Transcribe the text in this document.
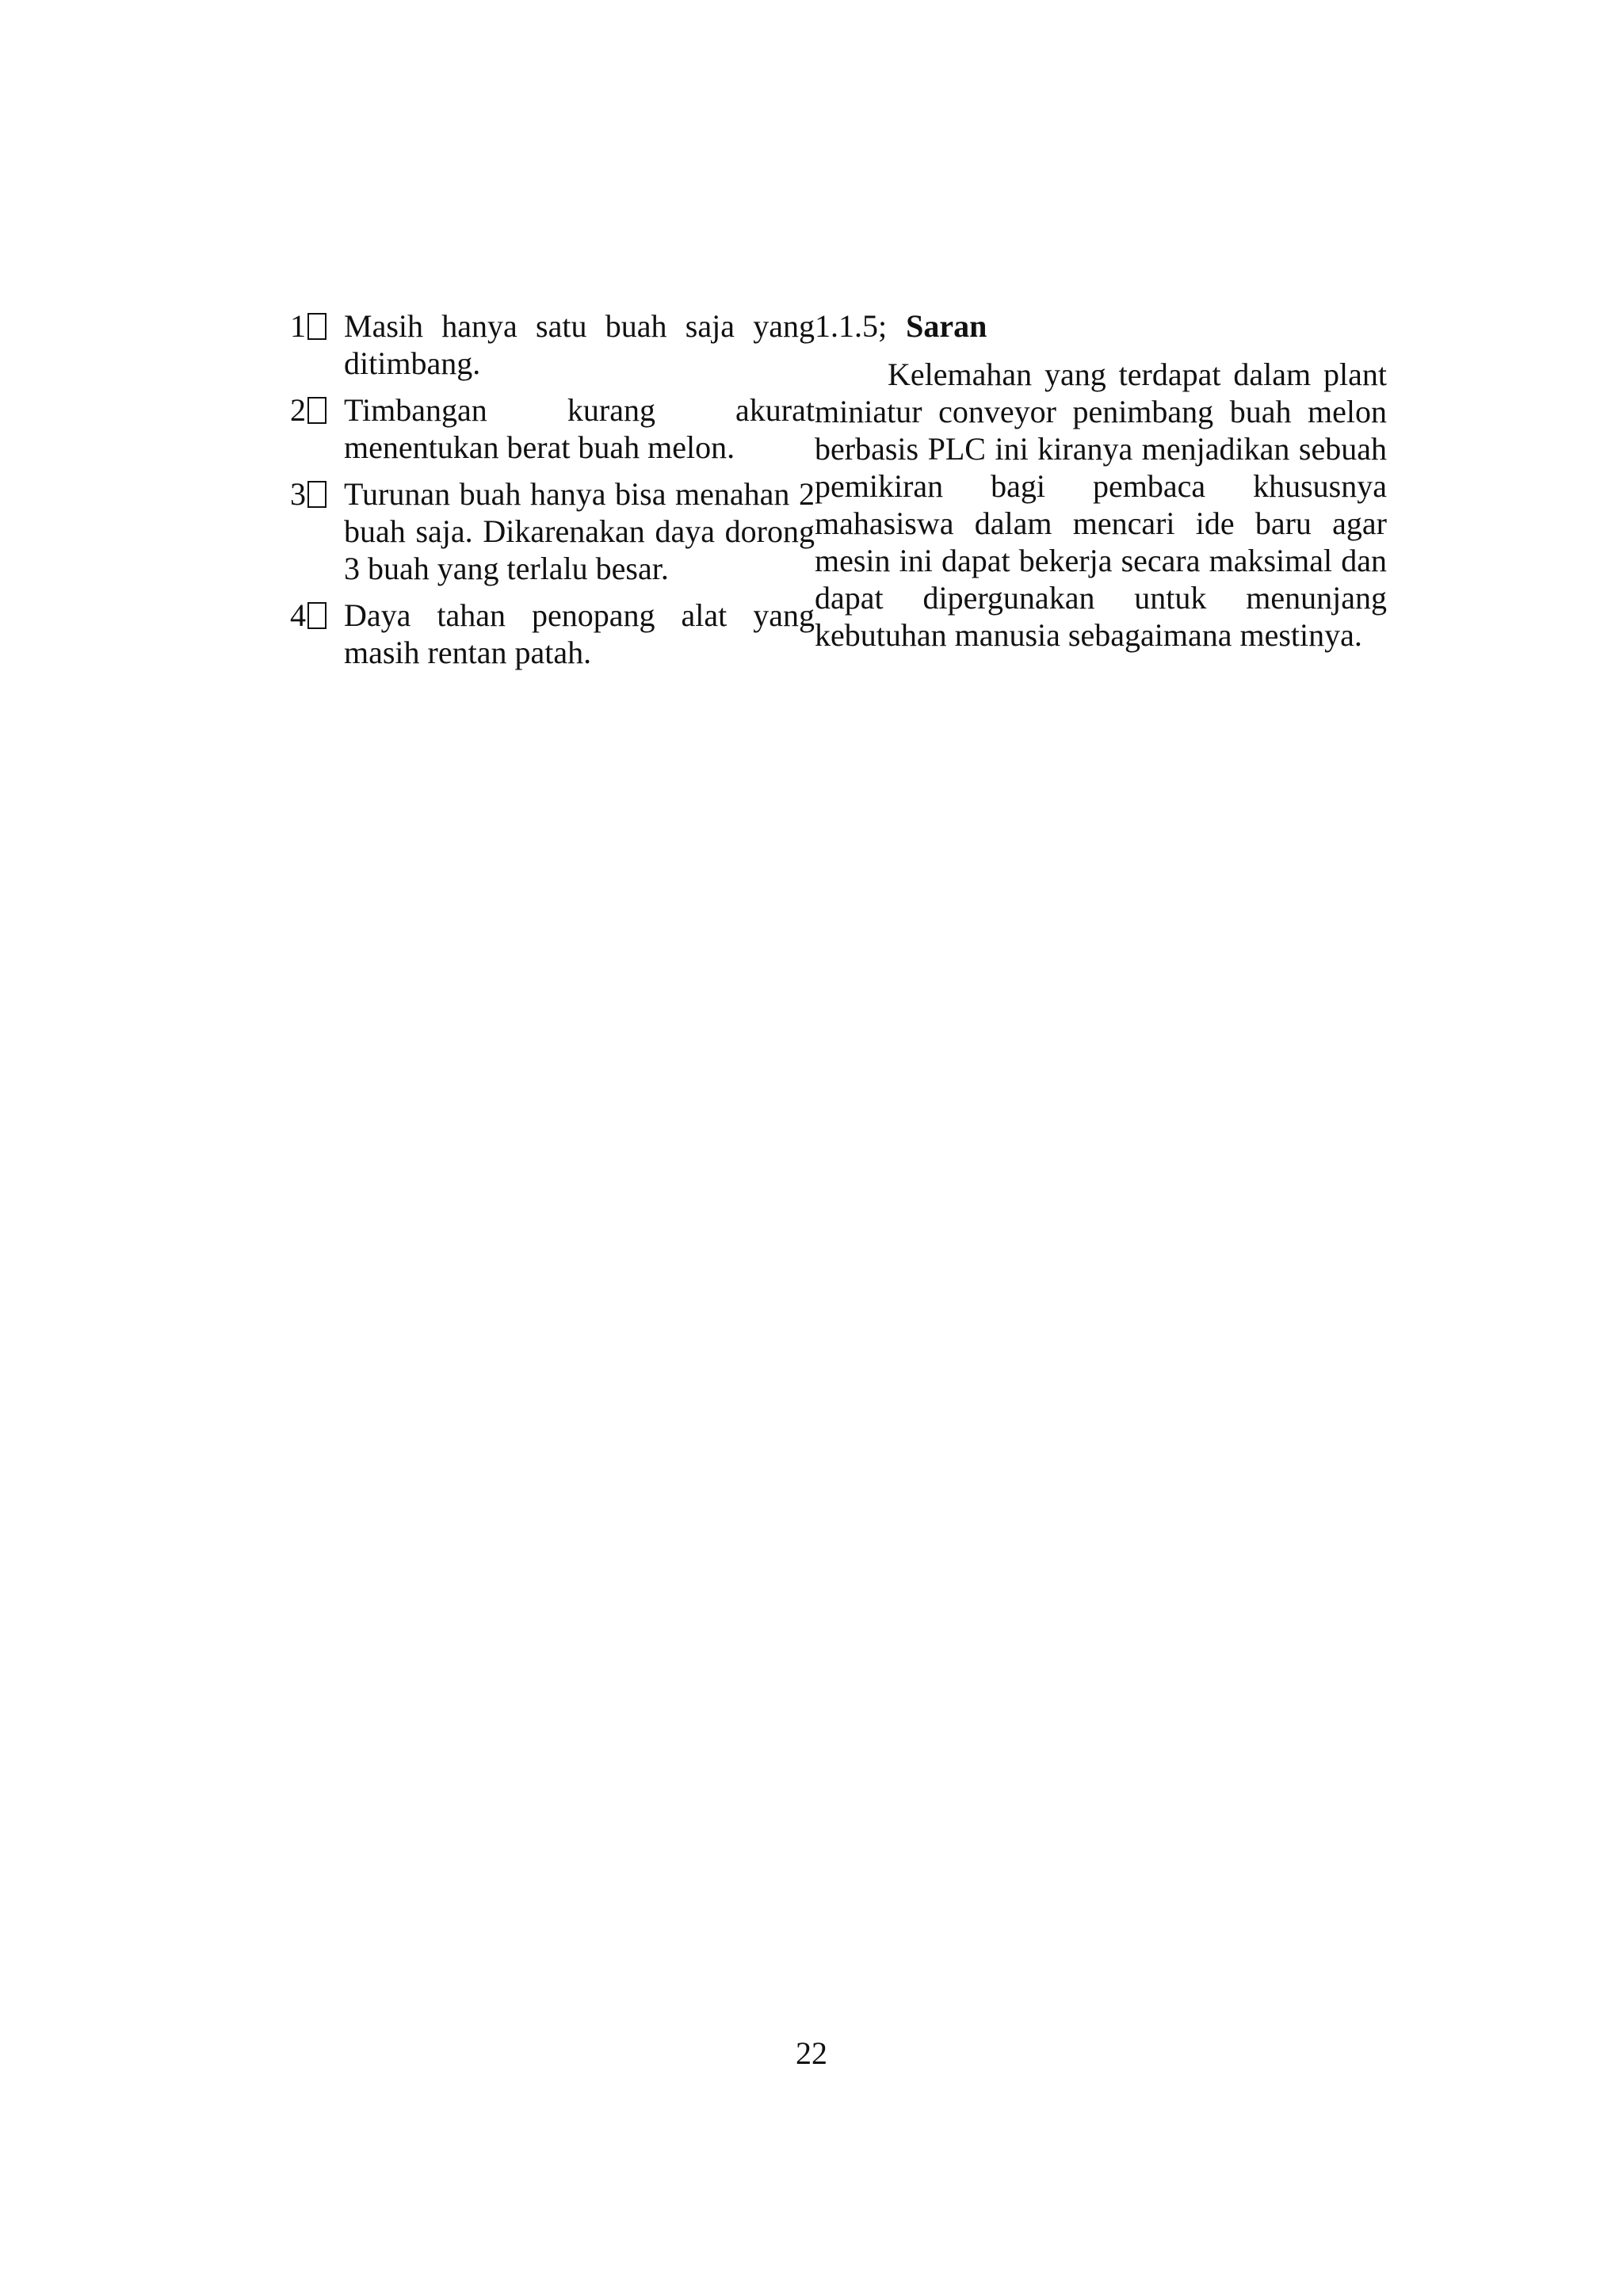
1	Masih hanya satu buah saja yang ditimbang.
2	Timbangan kurang akurat menentukan berat buah melon.
3	Turunan buah hanya bisa menahan 2 buah saja. Dikarenakan daya dorong 3 buah yang terlalu besar.
4	Daya tahan penopang alat yang masih rentan patah.
1.1.5; Saran
Kelemahan yang terdapat dalam plant miniatur conveyor penimbang buah melon berbasis PLC ini kiranya menjadikan sebuah pemikiran bagi pembaca khususnya mahasiswa dalam mencari ide baru agar mesin ini dapat bekerja secara maksimal dan dapat dipergunakan untuk menunjang kebutuhan manusia sebagaimana mestinya.
22
